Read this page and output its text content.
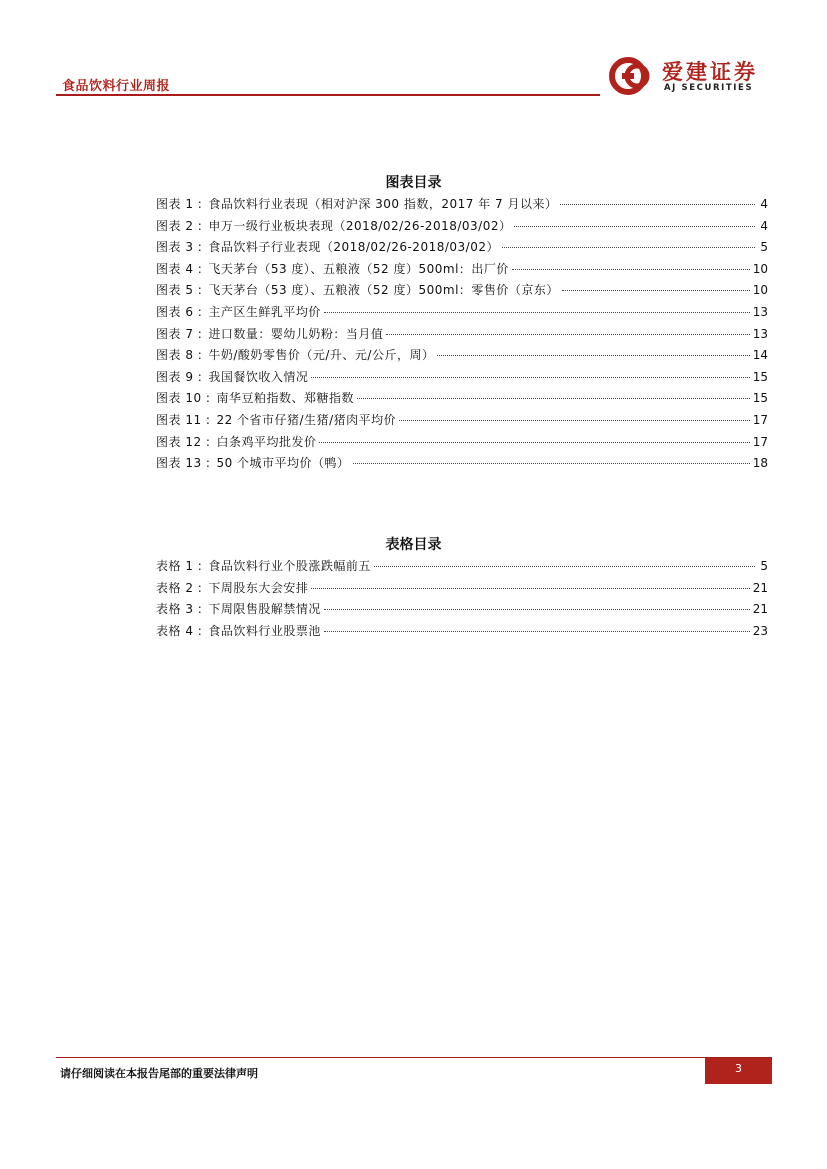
食品饮料行业周报
爱建证券
AJ SECURITIES
图表目录
图表 1 : 食品饮料行业表现（相对沪深 300 指数，2017 年 7 月以来）	4
图表 2 : 申万一级行业板块表现（2018/02/26-2018/03/02）	4
图表 3 : 食品饮料子行业表现（2018/02/26-2018/03/02）	5
图表 4 : 飞天茅台（53 度）、五粮液（52 度）500ml：出厂价	10
图表 5 : 飞天茅台（53 度）、五粮液（52 度）500ml：零售价（京东）	10
图表 6 : 主产区生鲜乳平均价	13
图表 7 : 进口数量：婴幼儿奶粉：当月值	13
图表 8 : 牛奶/酸奶零售价（元/升、元/公斤，周）	14
图表 9 : 我国餐饮收入情况	15
图表 10 : 南华豆粕指数、郑糖指数	15
图表 11 : 22 个省市仔猪/生猪/猪肉平均价	17
图表 12 : 白条鸡平均批发价	17
图表 13 : 50 个城市平均价（鸭）	18
表格目录
表格 1 : 食品饮料行业个股涨跌幅前五	5
表格 2 : 下周股东大会安排	21
表格 3 : 下周限售股解禁情况	21
表格 4 : 食品饮料行业股票池	23
请仔细阅读在本报告尾部的重要法律声明	3
